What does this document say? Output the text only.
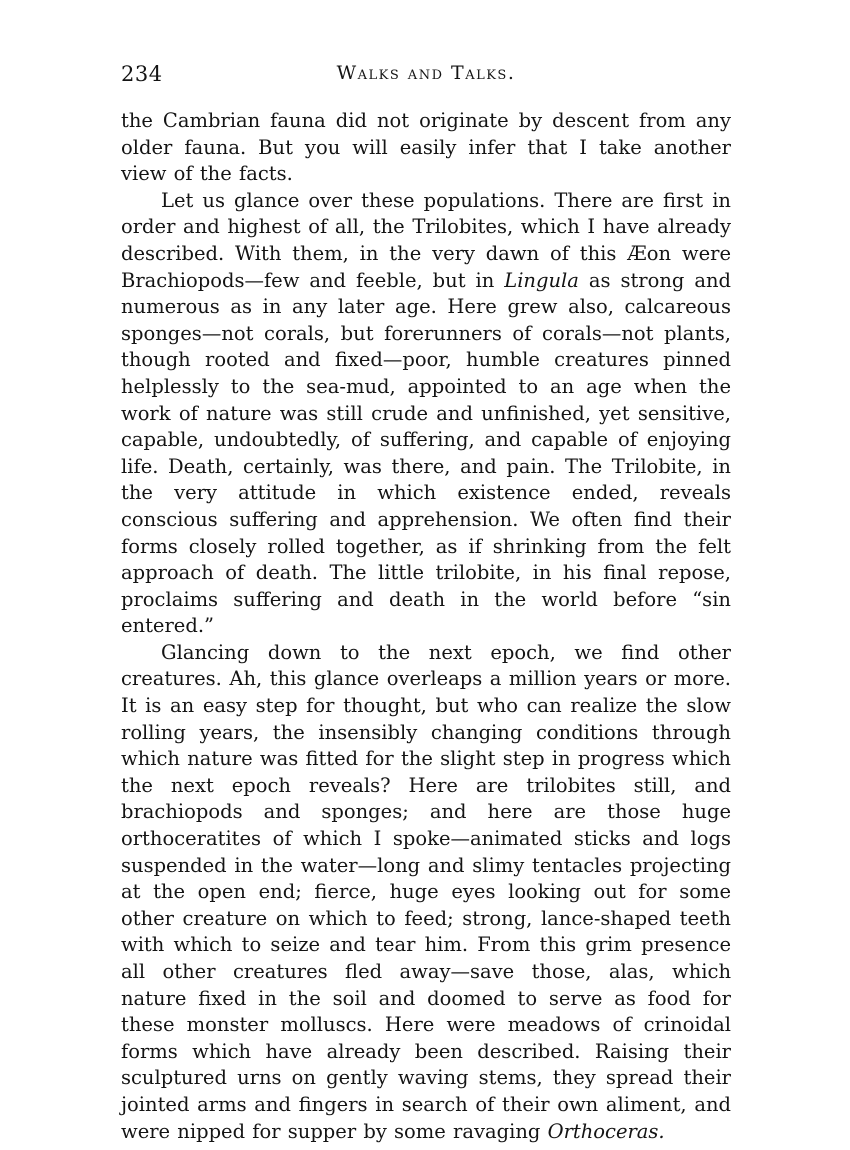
234	Walks and Talks.

the Cambrian fauna did not originate by descent from any older fauna. But you will easily infer that I take another view of the facts.

Let us glance over these populations. There are first in order and highest of all, the Trilobites, which I have already described. With them, in the very dawn of this Æon were Brachiopods—few and feeble, but in Lingula as strong and numerous as in any later age. Here grew also, calcareous sponges—not corals, but forerunners of corals—not plants, though rooted and fixed—poor, humble creatures pinned helplessly to the sea-mud, appointed to an age when the work of nature was still crude and unfinished, yet sensitive, capable, undoubtedly, of suffering, and capable of enjoying life. Death, certainly, was there, and pain. The Trilobite, in the very attitude in which existence ended, reveals conscious suffering and apprehension. We often find their forms closely rolled together, as if shrinking from the felt approach of death. The little trilobite, in his final repose, proclaims suffering and death in the world before “sin entered.”

Glancing down to the next epoch, we find other creatures. Ah, this glance overleaps a million years or more. It is an easy step for thought, but who can realize the slow rolling years, the insensibly changing conditions through which nature was fitted for the slight step in progress which the next epoch reveals? Here are trilobites still, and brachiopods and sponges; and here are those huge orthoceratites of which I spoke—animated sticks and logs suspended in the water—long and slimy tentacles projecting at the open end; fierce, huge eyes looking out for some other creature on which to feed; strong, lance-shaped teeth with which to seize and tear him. From this grim presence all other creatures fled away—save those, alas, which nature fixed in the soil and doomed to serve as food for these monster molluscs. Here were meadows of crinoidal forms which have already been described. Raising their sculptured urns on gently waving stems, they spread their jointed arms and fingers in search of their own aliment, and were nipped for supper by some ravaging Orthoceras.
